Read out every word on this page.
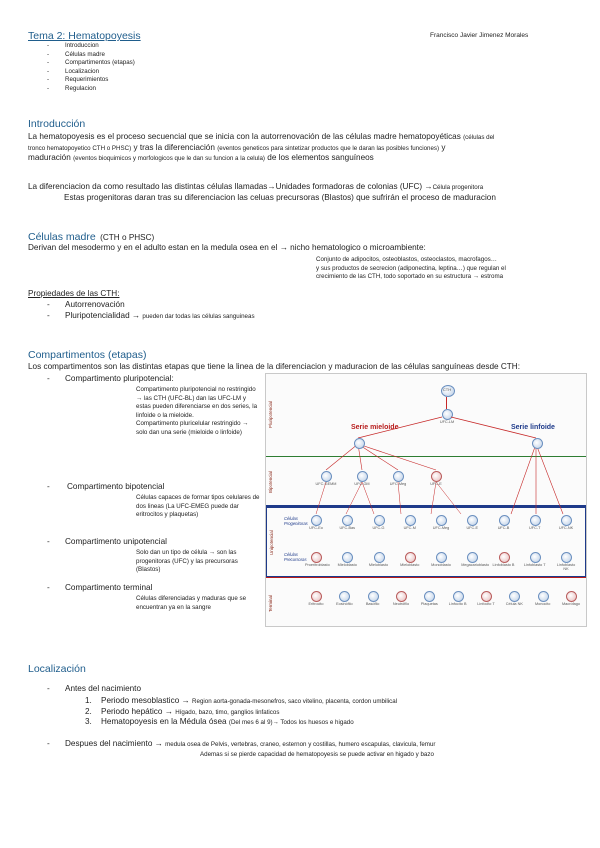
Tema 2: Hematopoyesis	Francisco Javier Jimenez Morales
-	Introduccion
-	Células madre
-	Compartimentos (etapas)
-	Localizacion
-	Requerimientos
-	Regulacion
Introducción
La hematopoyesis es el proceso secuencial que se inicia con la autorrenovación de las células madre hematopoyéticas (células del
tronco hematopoyetico CTH o PHSC) y tras la diferenciación (eventos geneticos para sintetizar productos que le daran las posibles funciones) y
maduración (eventos bioquimicos y morfologicos que le dan su funcion a la celula) de los elementos sanguíneos
La diferenciacion da como resultado las distintas células llamadas→Unidades formadoras de colonias (UFC) →Célula progenitora
Estas progenitoras daran tras su diferenciacion las celuas precursoras (Blastos) que sufrirán el proceso de maduracion
Células madre (CTH o PHSC)
Derivan del mesodermo y en el adulto estan en la medula osea en el → nicho hematologico o microambiente:
Conjunto de adipocitos, osteoblastos, osteoclastos, macrofagos…
y sus productos de secrecion (adiponectina, leptina…) que regulan el
crecimiento de las CTH, todo soportado en su estructura → estroma
Propiedades de las CTH:
- Autorrenovación
- Pluripotencialidad → pueden dar todas las células sanguineas
Compartimentos (etapas)
Los compartimentos son las distintas etapas que tiene la linea de la diferenciacion y maduracion de las células sanguíneas desde CTH:
- Compartimento pluripotencial:
Compartimento pluripotencial no restringido → las CTH (UFC-BL) dan las UFC-LM y estas pueden diferenciarse en dos series, la linfoide o la mieloide.
Compartimento pluricelular restringido → solo dan una serie (mieloide o linfoide)
- Compartimento bipotencial
Células capaces de formar tipos celulares de dos lineas (La UFC-EMEG puede dar eritrocitos y plaquetas)
- Compartimento unipotencial
Solo dan un tipo de célula → son las progenitoras (UFC) y las precursoras (Blastos)
- Compartimento terminal
Células diferenciadas y maduras que se encuentran ya en la sangre
Pluripotencial
Bipotencial
Unipotencial
Terminal
CTH
UFC-LM
Serie mieloide	Serie linfoide
UFC-GEMM	UFC-GM	UFC-Meg	UFC-E
Células Progenitoras
Células Precursoras
UFC-Eo	UFC-Bas	UFC-G	UFC-M	UFC-Meg	UFC-E	UFC-B	UFC-T	UFC-NK
Proeritroblasto	Mieloblasto	Mieloblasto	Mieloblasto	Monoblasto	Megacarioblasto Linfoblasto B Linfoblasto T	Linfoblasto NK
Eritrocito	Eosinófilo	Basófilo	Neutrófilo	Plaquetas	Linfocito B	Linfocito T	Célula NK	Monocito	Macrófago
Localización
- Antes del nacimiento
1. Periodo mesoblastico → Region aorta-gonada-mesonefros, saco vitelino, placenta, cordon umbilical
2. Periodo hepático → Hígado, bazo, timo, ganglios linfaticos
3. Hematopoyesis en la Médula ósea (Del mes 6 al 9)→ Todos los huesos e higado
- Despues del nacimiento → medula osea de Pelvis, vertebras, craneo, esternon y costillas, humero escapulas, clavicula, femur
Ademas si se pierde capacidad de hematopoyesis se puede activar en higado y bazo
